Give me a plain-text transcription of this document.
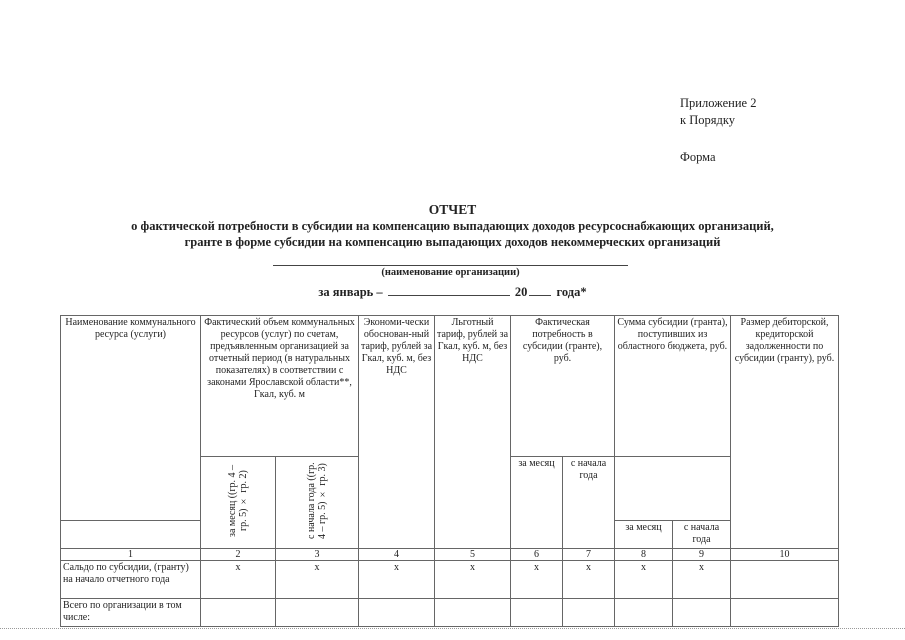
Приложение 2
к Порядку
Форма
ОТЧЕТ
о фактической потребности в субсидии на компенсацию выпадающих доходов ресурсоснабжающих организаций,
гранте в форме субсидии на компенсацию выпадающих доходов некоммерческих организаций
(наименование организации)
за январь –	20 года*
Наименование коммунального ресурса (услуги)	Фактический объем коммунальных ресурсов (услуг) по счетам, предъявленным организацией за отчетный период (в натуральных показателях) в соответствии с законами Ярославской области**, Гкал, куб. м		Экономи-чески обоснован-ный тариф, рублей за Гкал, куб. м, без НДС	Льготный тариф, рублей за Гкал, куб. м, без НДС	Фактическая потребность в субсидии (гранте), руб.		Сумма субсидии (гранта), поступивших из областного бюджета, руб.		Размер дебиторской, кредиторской задолженности по субсидии (гранту), руб.
	за месяц ((гр. 4 – гр. 5) × гр. 2)	с начала года ((гр. 4 – гр. 5) × гр. 3)			за месяц	с начала года			
							за месяц	с начала года	
1	2	3	4	5	6	7	8	9	10
Сальдо по субсидии, (гранту) на начало отчетного года	x	x	x	x	x	x	x	x	
Всего по организации в том числе:									
